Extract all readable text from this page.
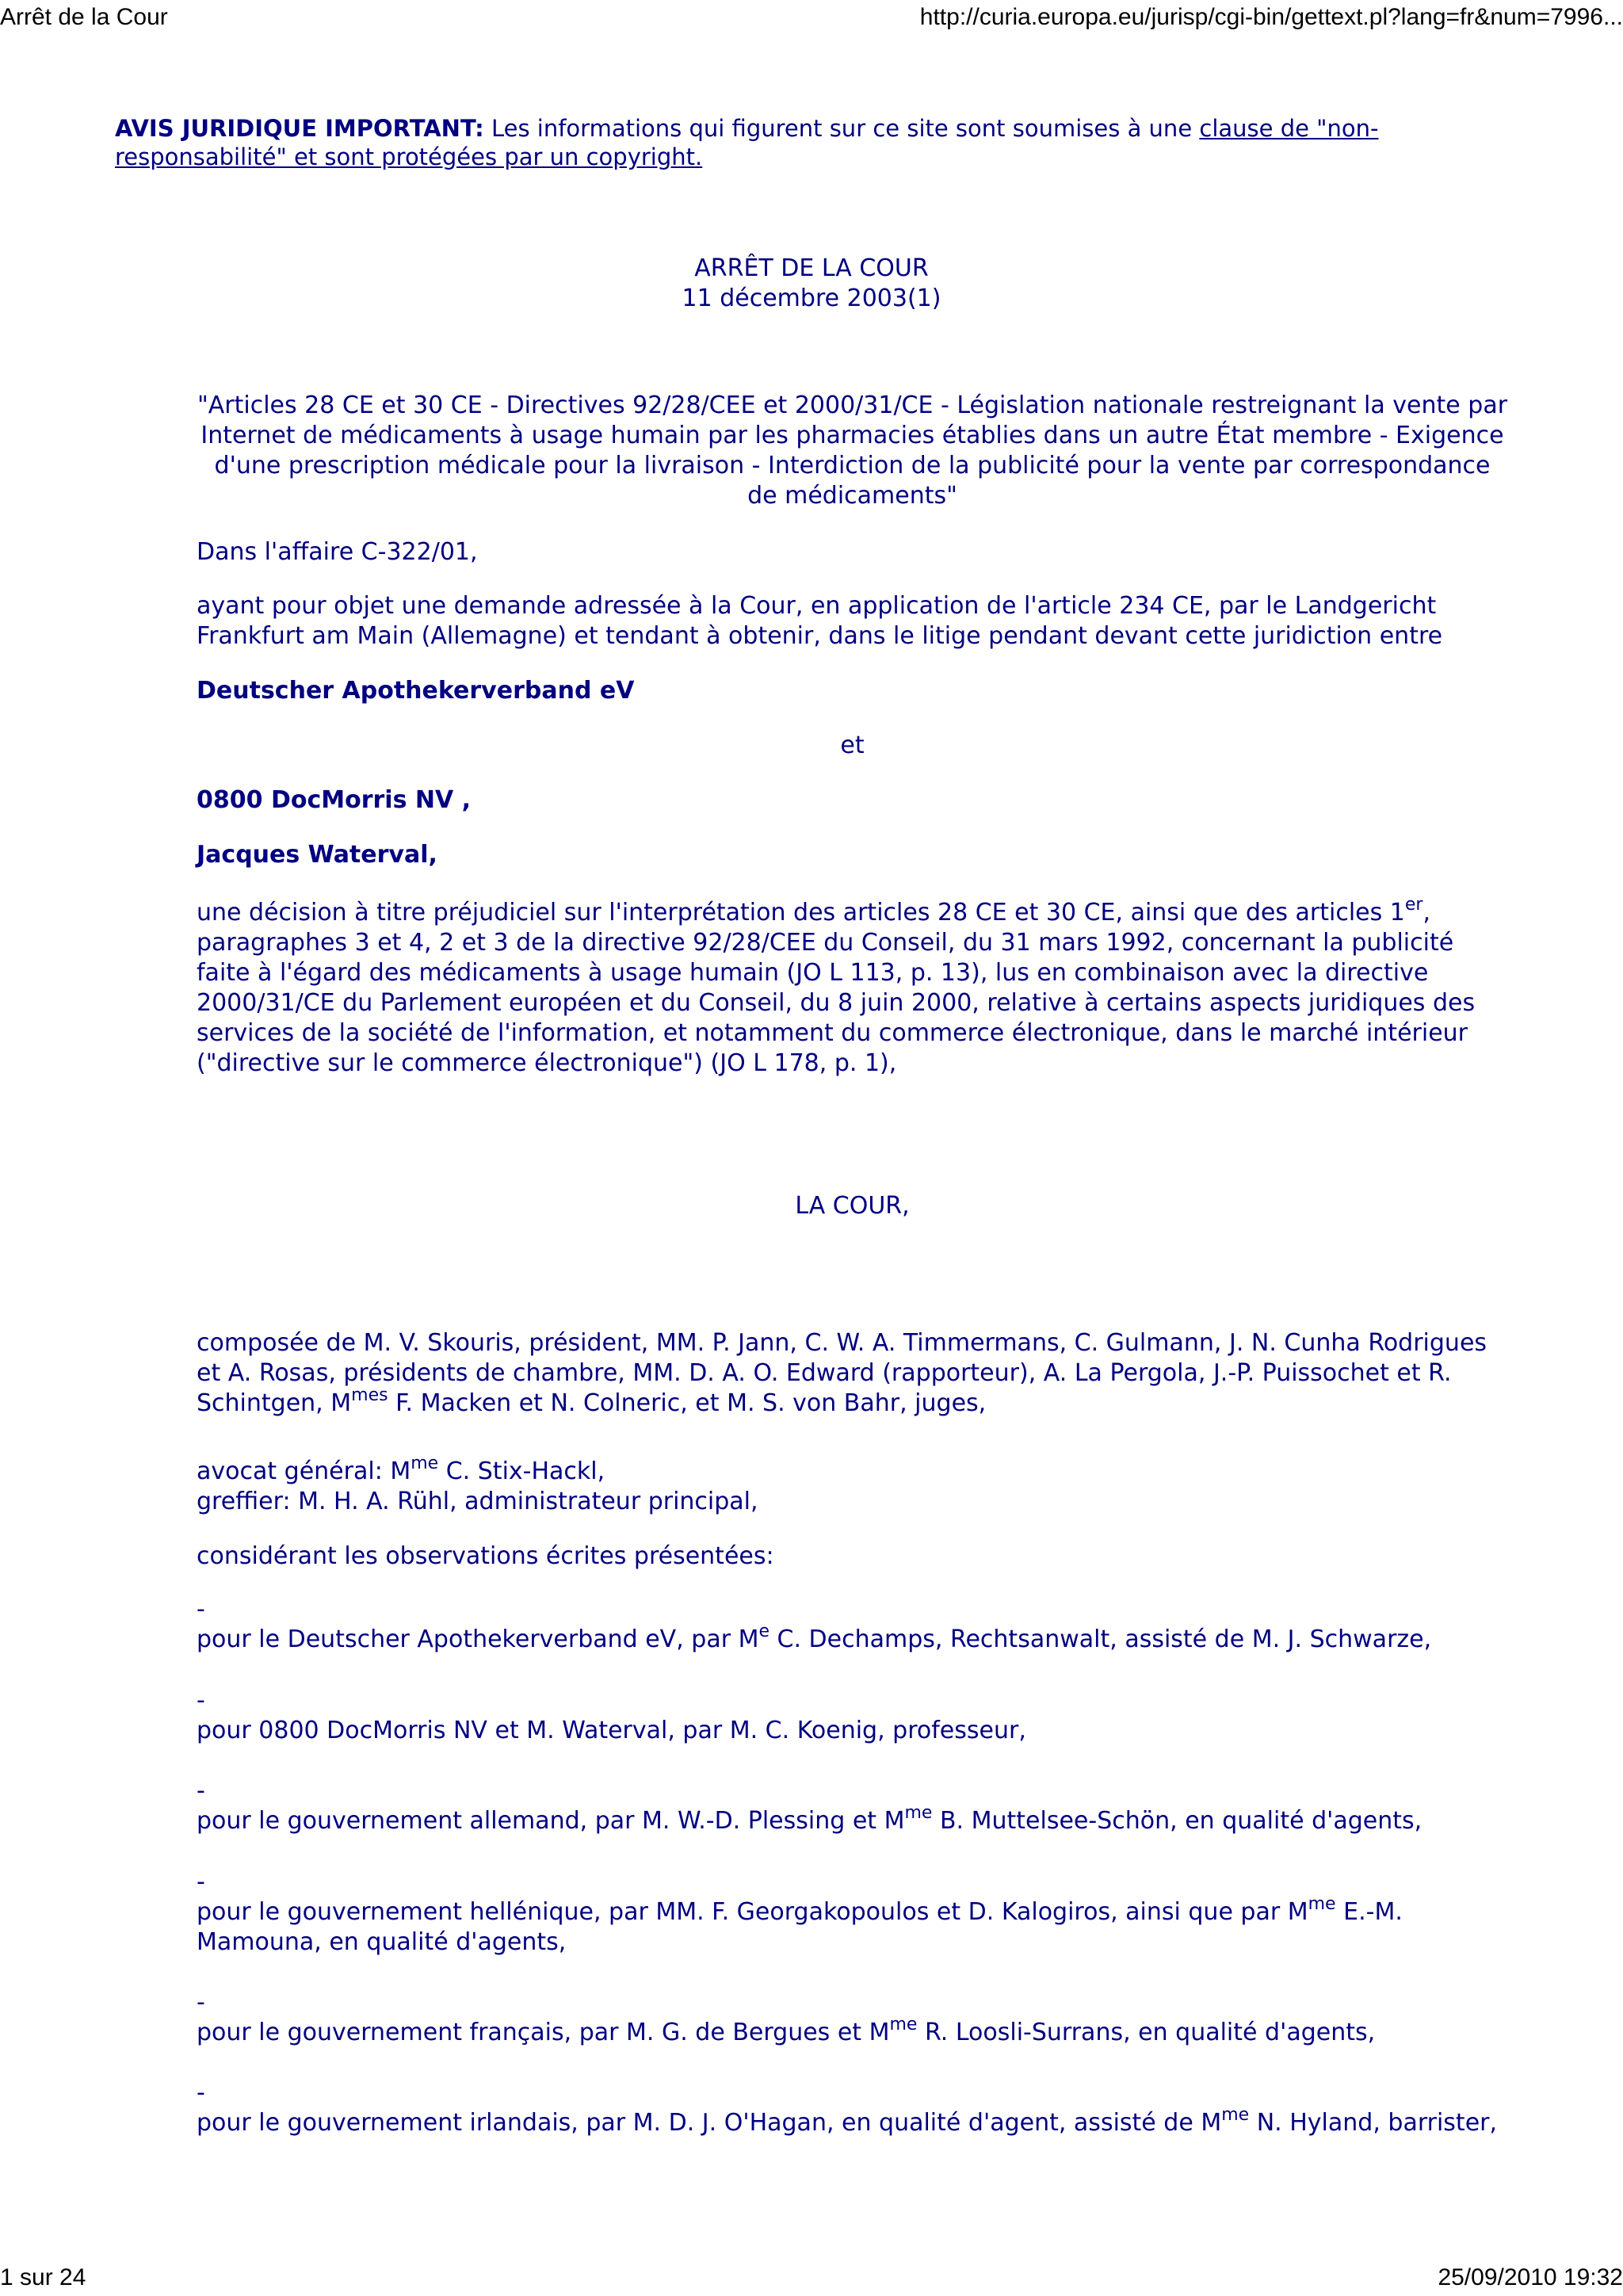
Arrêt de la Cour	http://curia.europa.eu/jurisp/cgi-bin/gettext.pl?lang=fr&num=7996...
AVIS JURIDIQUE IMPORTANT: Les informations qui figurent sur ce site sont soumises à une clause de "non-responsabilité" et sont protégées par un copyright.
ARRÊT DE LA COUR
11 décembre 2003(1)
"Articles 28 CE et 30 CE - Directives 92/28/CEE et 2000/31/CE - Législation nationale restreignant la vente par Internet de médicaments à usage humain par les pharmacies établies dans un autre État membre - Exigence d'une prescription médicale pour la livraison - Interdiction de la publicité pour la vente par correspondance de médicaments"
Dans l'affaire C-322/01,
ayant pour objet une demande adressée à la Cour, en application de l'article 234 CE, par le Landgericht Frankfurt am Main (Allemagne) et tendant à obtenir, dans le litige pendant devant cette juridiction entre
Deutscher Apothekerverband eV
et
0800 DocMorris NV ,
Jacques Waterval,
une décision à titre préjudiciel sur l'interprétation des articles 28 CE et 30 CE, ainsi que des articles 1er, paragraphes 3 et 4, 2 et 3 de la directive 92/28/CEE du Conseil, du 31 mars 1992, concernant la publicité faite à l'égard des médicaments à usage humain (JO L 113, p. 13), lus en combinaison avec la directive 2000/31/CE du Parlement européen et du Conseil, du 8 juin 2000, relative à certains aspects juridiques des services de la société de l'information, et notamment du commerce électronique, dans le marché intérieur ("directive sur le commerce électronique") (JO L 178, p. 1),
LA COUR,
composée de M. V. Skouris, président, MM. P. Jann, C. W. A. Timmermans, C. Gulmann, J. N. Cunha Rodrigues et A. Rosas, présidents de chambre, MM. D. A. O. Edward (rapporteur), A. La Pergola, J.-P. Puissochet et R. Schintgen, $M^{mes}$ F. Macken et N. Colneric, et M. S. von Bahr, juges,
avocat général: $M^{me}$ C. Stix-Hackl,
greffier: M. H. A. Rühl, administrateur principal,
considérant les observations écrites présentées:

-

pour le Deutscher Apothekerverband eV, par Me C. Dechamps, Rechtsanwalt, assisté de M. J. Schwarze,

-

pour 0800 DocMorris NV et M. Waterval, par M. C. Koenig, professeur,

-

pour le gouvernement allemand, par M. W.-D. Plessing et $M^{me}$ B. Muttelsee-Schön, en qualité d'agents,

-

pour le gouvernement hellénique, par MM. F. Georgakopoulos et D. Kalogiros, ainsi que par $M^{me}$ E.-M. Mamouna, en qualité d'agents,

-

pour le gouvernement français, par M. G. de Bergues et $M^{me}$ R. Loosli-Surrans, en qualité d'agents,

-

pour le gouvernement irlandais, par M. D. J. O'Hagan, en qualité d'agent, assisté de $M^{me}$ N. Hyland, barrister,

1 sur 24	25/09/2010 19:32
